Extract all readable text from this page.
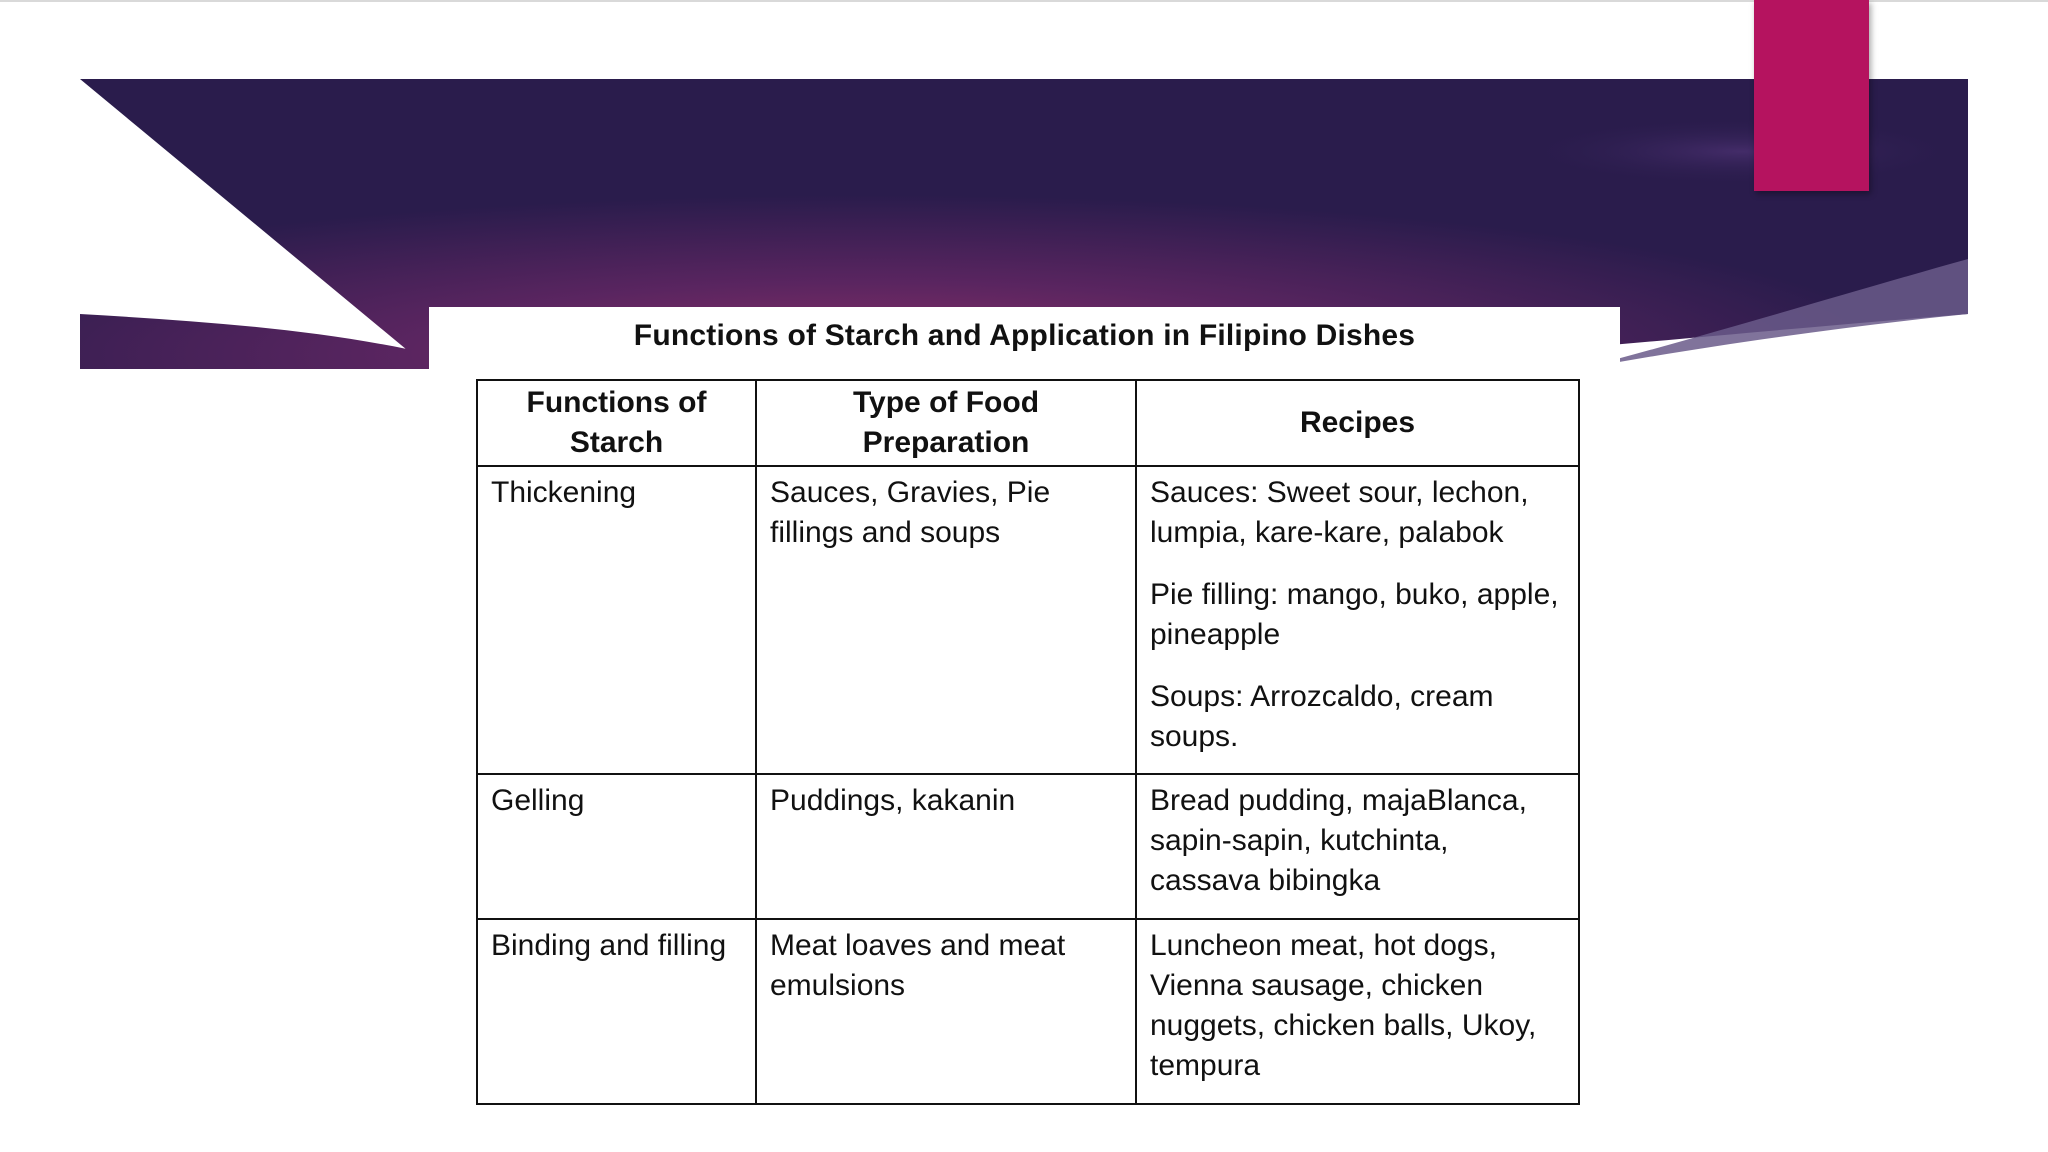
Functions of Starch and Application in Filipino Dishes
Functions of Starch	Type of Food Preparation	Recipes
Thickening	Sauces, Gravies, Pie fillings and soups	Sauces: Sweet sour, lechon, lumpia, kare-kare, palabok

Pie filling: mango, buko, apple, pineapple

Soups: Arrozcaldo, cream soups.

Gelling	Puddings, kakanin	Bread pudding, majaBlanca, sapin-sapin, kutchinta, cassava bibingka

Binding and filling	Meat loaves and meat emulsions	Luncheon meat, hot dogs, Vienna sausage, chicken nuggets, chicken balls, Ukoy, tempura
